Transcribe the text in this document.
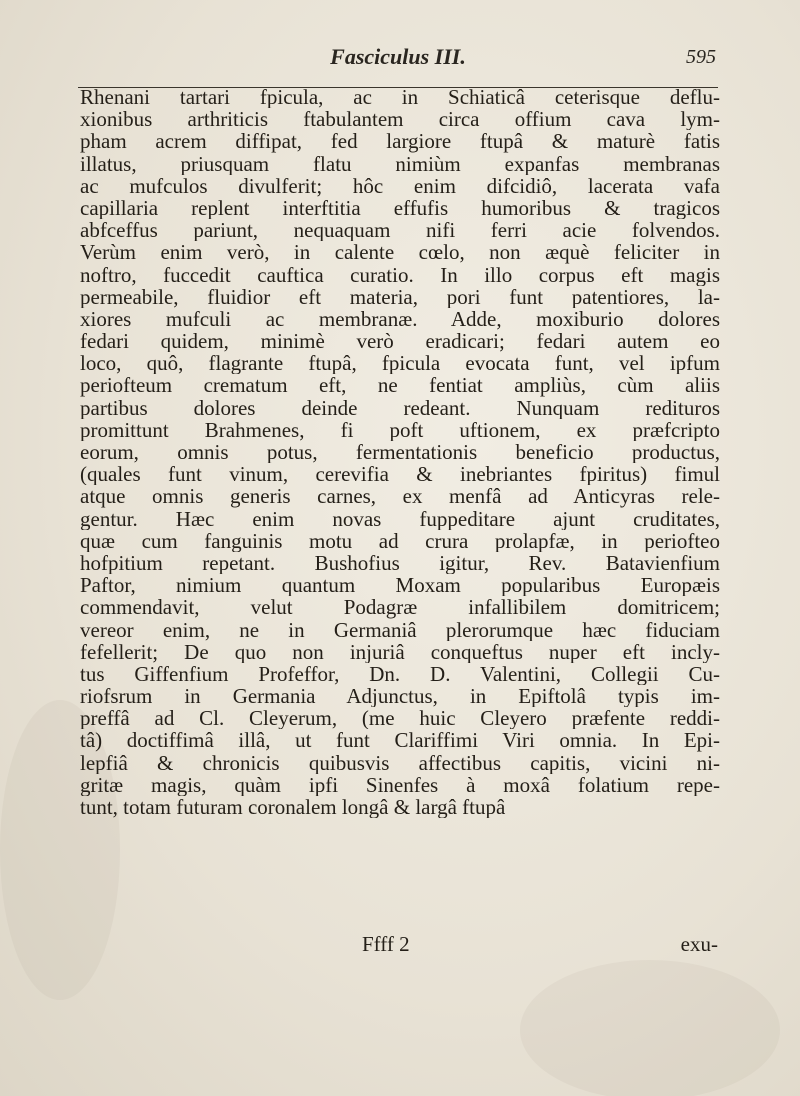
Fasciculus III.	595
Rhenani tartari fpicula, ac in Schiaticâ ceterisque deflu-
xionibus arthriticis ftabulantem circa offium cava lym-
pham acrem diffipat, fed largiore ftupâ & maturè fatis
illatus, priusquam flatu nimiùm expanfas membranas
ac mufculos divulferit; hôc enim difcidiô, lacerata vafa
capillaria replent interftitia effufis humoribus & tragicos
abfceffus pariunt, nequaquam nifi ferri acie folvendos.
Verùm enim verò, in calente cœlo, non æquè feliciter in
noftro, fuccedit cauftica curatio. In illo corpus eft magis
permeabile, fluidior eft materia, pori funt patentiores, la-
xiores mufculi ac membranæ. Adde, moxiburio dolores
fedari quidem, minimè verò eradicari; fedari autem eo
loco, quô, flagrante ftupâ, fpicula evocata funt, vel ipfum
periofteum crematum eft, ne fentiat ampliùs, cùm aliis
partibus dolores deinde redeant. Nunquam redituros
promittunt Brahmenes, fi poft uftionem, ex præfcripto
eorum, omnis potus, fermentationis beneficio productus,
(quales funt vinum, cerevifia & inebriantes fpiritus) fimul
atque omnis generis carnes, ex menfâ ad Anticyras rele-
gentur. Hæc enim novas fuppeditare ajunt cruditates,
quæ cum fanguinis motu ad crura prolapfæ, in periofteo
hofpitium repetant. Bushofius igitur, Rev. Batavienfium
Paftor, nimium quantum Moxam popularibus Europæis
commendavit, velut Podagræ infallibilem domitricem;
vereor enim, ne in Germaniâ plerorumque hæc fiduciam
fefellerit; De quo non injuriâ conqueftus nuper eft incly-
tus Giffenfium Profeffor, Dn. D. Valentini, Collegii Cu-
riofsrum in Germania Adjunctus, in Epiftolâ typis im-
preffâ ad Cl. Cleyerum, (me huic Cleyero præfente reddi-
tâ) doctiffimâ illâ, ut funt Clariffimi Viri omnia. In Epi-
lepfiâ & chronicis quibusvis affectibus capitis, vicini ni-
gritæ magis, quàm ipfi Sinenfes à moxâ folatium repe-
tunt, totam futuram coronalem longâ & largâ ftupâ
Ffff 2	exu-
